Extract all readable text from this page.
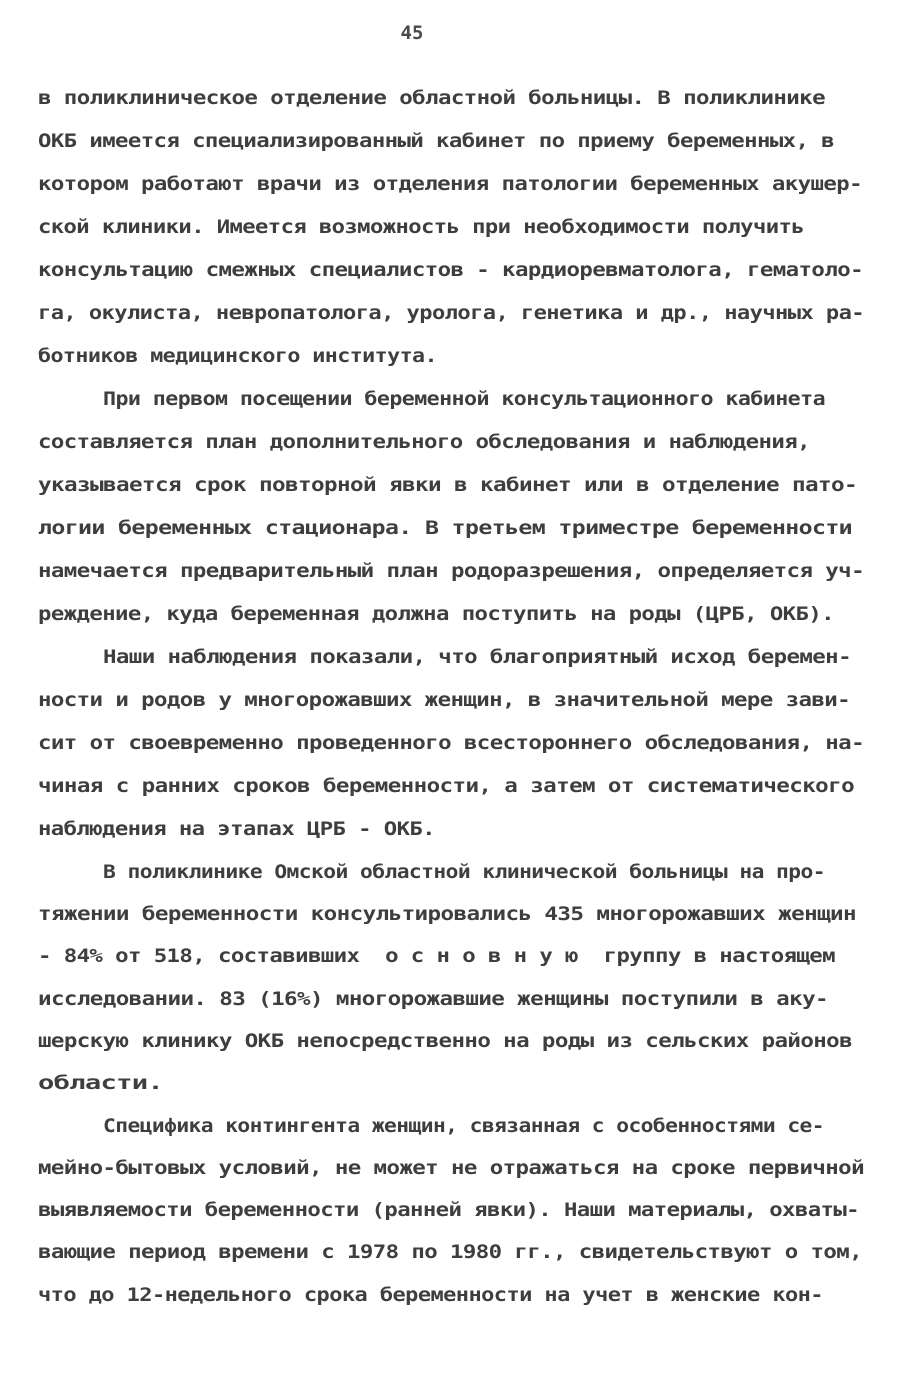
45
в поликлиническое отделение областной больницы. В поликлинике
ОКБ имеется специализированный кабинет по приему беременных, в
котором работают врачи из отделения патологии беременных акушер-
ской клиники. Имеется возможность при необходимости получить
консультацию смежных специалистов - кардиоревматолога, гематоло-
га, окулиста, невропатолога, уролога, генетика и др., научных ра-
ботников медицинского института.
При первом посещении беременной консультационного кабинета
составляется план дополнительного обследования и наблюдения,
указывается срок повторной явки в кабинет или в отделение пато-
логии беременных стационара. В третьем триместре беременности
намечается предварительный план родоразрешения, определяется уч-
реждение, куда беременная должна поступить на роды (ЦРБ, ОКБ).
Наши наблюдения показали, что благоприятный исход беремен-
ности и родов у многорожавших женщин, в значительной мере зави-
сит от своевременно проведенного всестороннего обследования, на-
чиная с ранних сроков беременности, а затем от систематического
наблюдения на этапах ЦРБ - ОКБ.
В поликлинике Омской областной клинической больницы на про-
тяжении беременности консультировались 435 многорожавших женщин
- 84% от 518, составивших  о с н о в н у ю  группу в настоящем
исследовании. 83 (16%) многорожавшие женщины поступили в аку-
шерскую клинику ОКБ непосредственно на роды из сельских районов
области.
Специфика контингента женщин, связанная с особенностями се-
мейно-бытовых условий, не может не отражаться на сроке первичной
выявляемости беременности (ранней явки). Наши материалы, охваты-
вающие период времени с 1978 по 1980 гг., свидетельствуют о том,
что до 12-недельного срока беременности на учет в женские кон-
